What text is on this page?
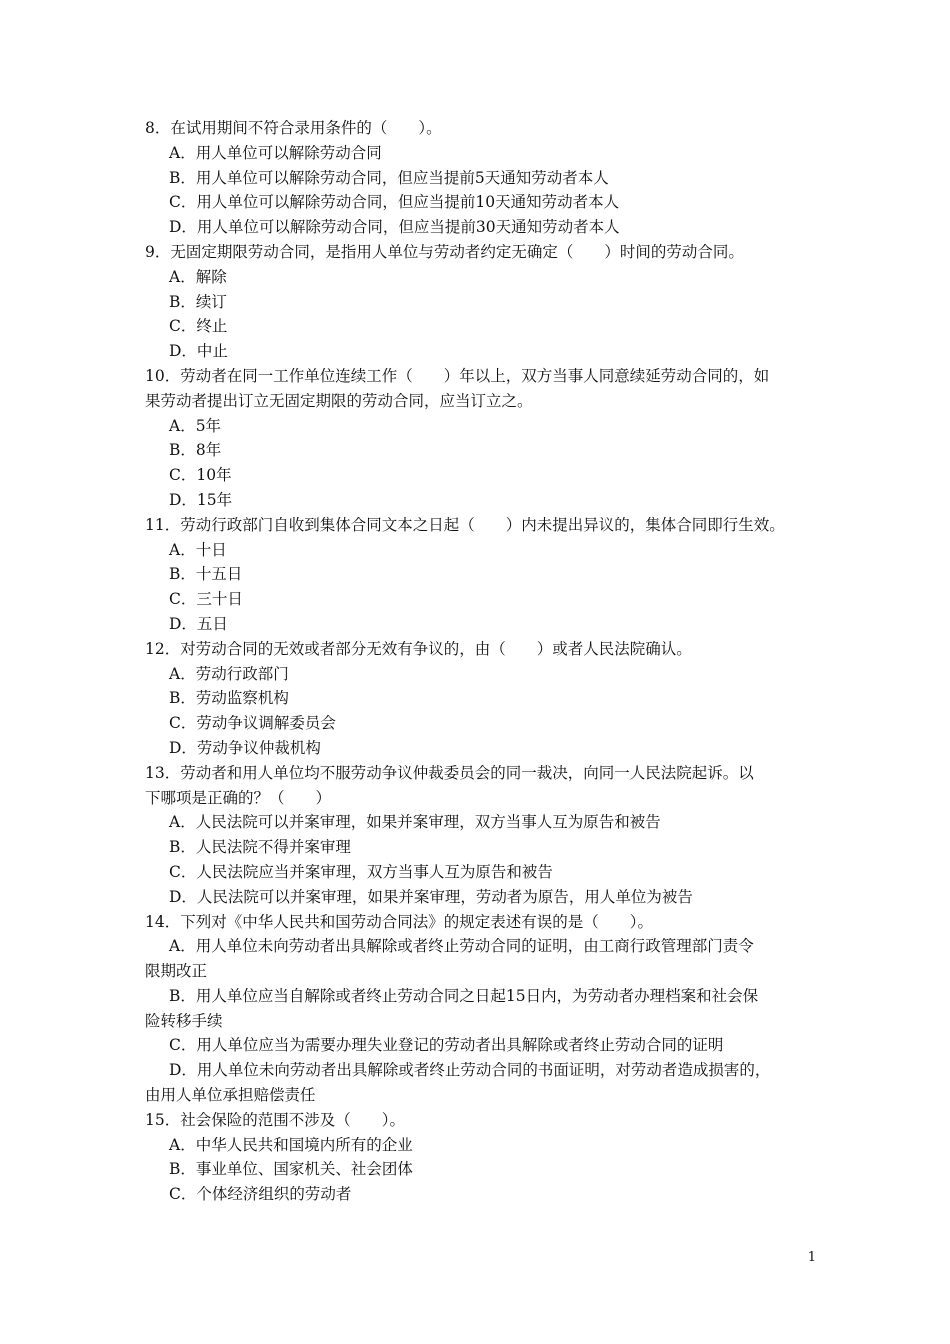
8．在试用期间不符合录用条件的（　　）。
A．用人单位可以解除劳动合同
B．用人单位可以解除劳动合同，但应当提前5天通知劳动者本人
C．用人单位可以解除劳动合同，但应当提前10天通知劳动者本人
D．用人单位可以解除劳动合同，但应当提前30天通知劳动者本人
9．无固定期限劳动合同，是指用人单位与劳动者约定无确定（　　）时间的劳动合同。
A．解除
B．续订
C．终止
D．中止
10．劳动者在同一工作单位连续工作（　　）年以上，双方当事人同意续延劳动合同的，如
果劳动者提出订立无固定期限的劳动合同，应当订立之。
A．5年
B．8年
C．10年
D．15年
11．劳动行政部门自收到集体合同文本之日起（　　）内未提出异议的，集体合同即行生效。
A．十日
B．十五日
C．三十日
D．五日
12．对劳动合同的无效或者部分无效有争议的，由（　　）或者人民法院确认。
A．劳动行政部门
B．劳动监察机构
C．劳动争议调解委员会
D．劳动争议仲裁机构
13．劳动者和用人单位均不服劳动争议仲裁委员会的同一裁决，向同一人民法院起诉。以
下哪项是正确的？（　　）
A．人民法院可以并案审理，如果并案审理，双方当事人互为原告和被告
B．人民法院不得并案审理
C．人民法院应当并案审理，双方当事人互为原告和被告
D．人民法院可以并案审理，如果并案审理，劳动者为原告，用人单位为被告
14．下列对《中华人民共和国劳动合同法》的规定表述有误的是（　　）。
A．用人单位未向劳动者出具解除或者终止劳动合同的证明，由工商行政管理部门责令
限期改正
B．用人单位应当自解除或者终止劳动合同之日起15日内，为劳动者办理档案和社会保
险转移手续
C．用人单位应当为需要办理失业登记的劳动者出具解除或者终止劳动合同的证明
D．用人单位未向劳动者出具解除或者终止劳动合同的书面证明，对劳动者造成损害的，
由用人单位承担赔偿责任
15．社会保险的范围不涉及（　　）。
A．中华人民共和国境内所有的企业
B．事业单位、国家机关、社会团体
C．个体经济组织的劳动者
1
